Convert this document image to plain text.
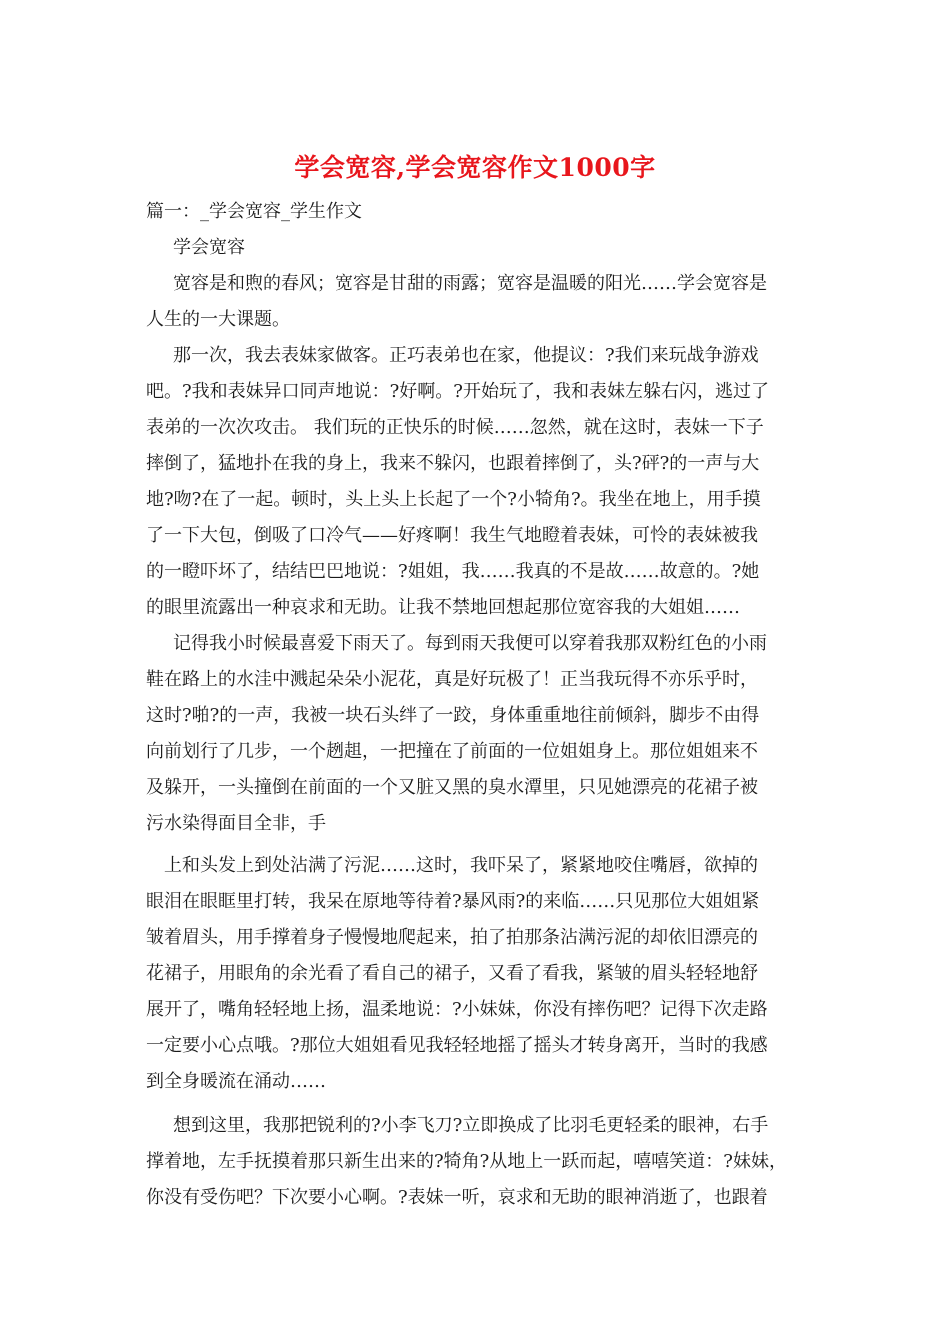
学会宽容,学会宽容作文1000字
篇一：_学会宽容_学生作文
学会宽容
宽容是和煦的春风；宽容是甘甜的雨露；宽容是温暖的阳光……学会宽容是
人生的一大课题。
那一次，我去表妹家做客。正巧表弟也在家，他提议：?我们来玩战争游戏
吧。?我和表妹异口同声地说：?好啊。?开始玩了，我和表妹左躲右闪，逃过了
表弟的一次次攻击。 我们玩的正快乐的时候……忽然，就在这时，表妹一下子
摔倒了，猛地扑在我的身上，我来不躲闪，也跟着摔倒了，头?砰?的一声与大
地?吻?在了一起。顿时，头上头上长起了一个?小犄角?。我坐在地上，用手摸
了一下大包，倒吸了口冷气——好疼啊！我生气地瞪着表妹，可怜的表妹被我
的一瞪吓坏了，结结巴巴地说：?姐姐，我……我真的不是故……故意的。?她
的眼里流露出一种哀求和无助。让我不禁地回想起那位宽容我的大姐姐……
记得我小时候最喜爱下雨天了。每到雨天我便可以穿着我那双粉红色的小雨
鞋在路上的水洼中溅起朵朵小泥花，真是好玩极了！正当我玩得不亦乐乎时，
这时?啪?的一声，我被一块石头绊了一跤，身体重重地往前倾斜，脚步不由得
向前划行了几步，一个趔趄，一把撞在了前面的一位姐姐身上。那位姐姐来不
及躲开，一头撞倒在前面的一个又脏又黑的臭水潭里，只见她漂亮的花裙子被
污水染得面目全非，手
上和头发上到处沾满了污泥……这时，我吓呆了，紧紧地咬住嘴唇，欲掉的
眼泪在眼眶里打转，我呆在原地等待着?暴风雨?的来临……只见那位大姐姐紧
皱着眉头，用手撑着身子慢慢地爬起来，拍了拍那条沾满污泥的却依旧漂亮的
花裙子，用眼角的余光看了看自己的裙子，又看了看我，紧皱的眉头轻轻地舒
展开了，嘴角轻轻地上扬，温柔地说：?小妹妹，你没有摔伤吧？记得下次走路
一定要小心点哦。?那位大姐姐看见我轻轻地摇了摇头才转身离开，当时的我感
到全身暖流在涌动……
想到这里，我那把锐利的?小李飞刀?立即换成了比羽毛更轻柔的眼神，右手
撑着地，左手抚摸着那只新生出来的?犄角?从地上一跃而起，嘻嘻笑道：?妹妹，
你没有受伤吧？下次要小心啊。?表妹一听，哀求和无助的眼神消逝了，也跟着
